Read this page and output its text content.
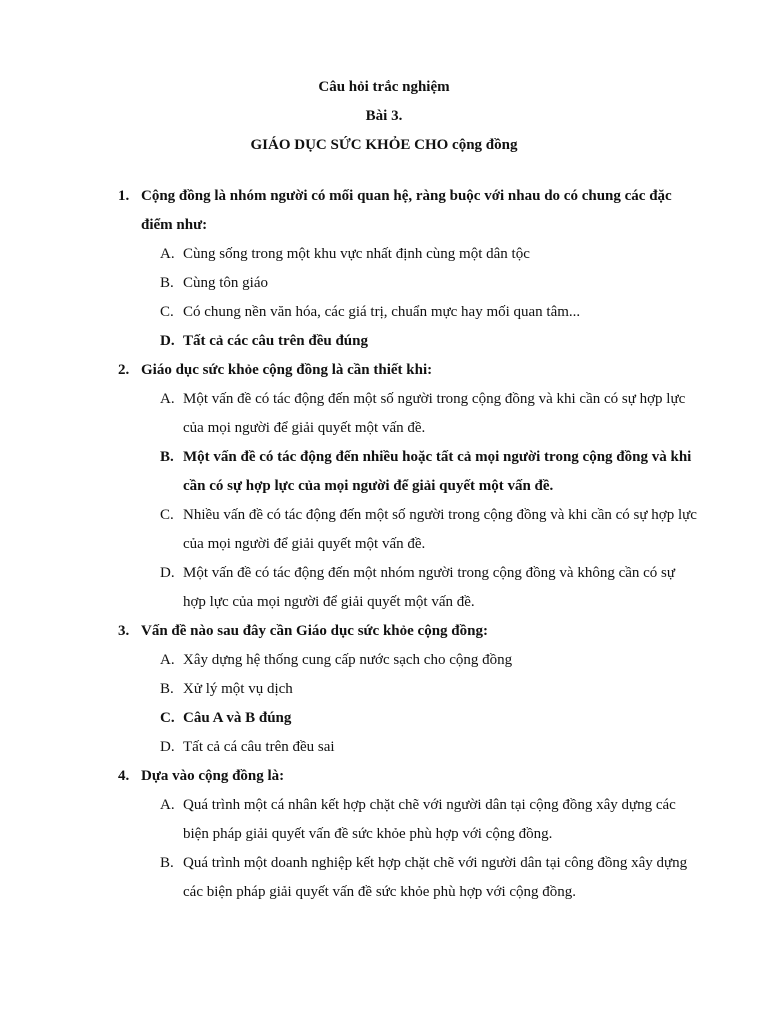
Câu hỏi trắc nghiệm
Bài 3.
GIÁO DỤC SỨC KHỎE CHO cộng đồng
1. Cộng đồng là nhóm người có mối quan hệ, ràng buộc với nhau do có chung các đặc điểm như:
A. Cùng sống trong một khu vực nhất định cùng một dân tộc
B. Cùng tôn giáo
C. Có chung nền văn hóa, các giá trị, chuẩn mực hay mối quan tâm...
D. Tất cả các câu trên đều đúng
2. Giáo dục sức khỏe cộng đồng là cần thiết khi:
A. Một vấn đề có tác động đến một số người trong cộng đồng và khi cần có sự hợp lực của mọi người để giải quyết một vấn đề.
B. Một vấn đề có tác động đến nhiều hoặc tất cả mọi người trong cộng đồng và khi cần có sự hợp lực của mọi người để giải quyết một vấn đề.
C. Nhiều vấn đề có tác động đến một số người trong cộng đồng và khi cần có sự hợp lực của mọi người để giải quyết một vấn đề.
D. Một vấn đề có tác động đến một nhóm người trong cộng đồng và không cần có sự hợp lực của mọi người để giải quyết một vấn đề.
3. Vấn đề nào sau đây cần Giáo dục sức khỏe cộng đồng:
A. Xây dựng hệ thống cung cấp nước sạch cho cộng đồng
B. Xử lý một vụ dịch
C. Câu A và B đúng
D. Tất cả cá câu trên đều sai
4. Dựa vào cộng đồng là:
A. Quá trình một cá nhân kết hợp chặt chẽ với người dân tại cộng đồng xây dựng các biện pháp giải quyết vấn đề sức khỏe phù hợp với cộng đồng.
B. Quá trình một doanh nghiệp kết hợp chặt chẽ với người dân tại công đồng xây dựng các biện pháp giải quyết vấn đề sức khỏe phù hợp với cộng đồng.
